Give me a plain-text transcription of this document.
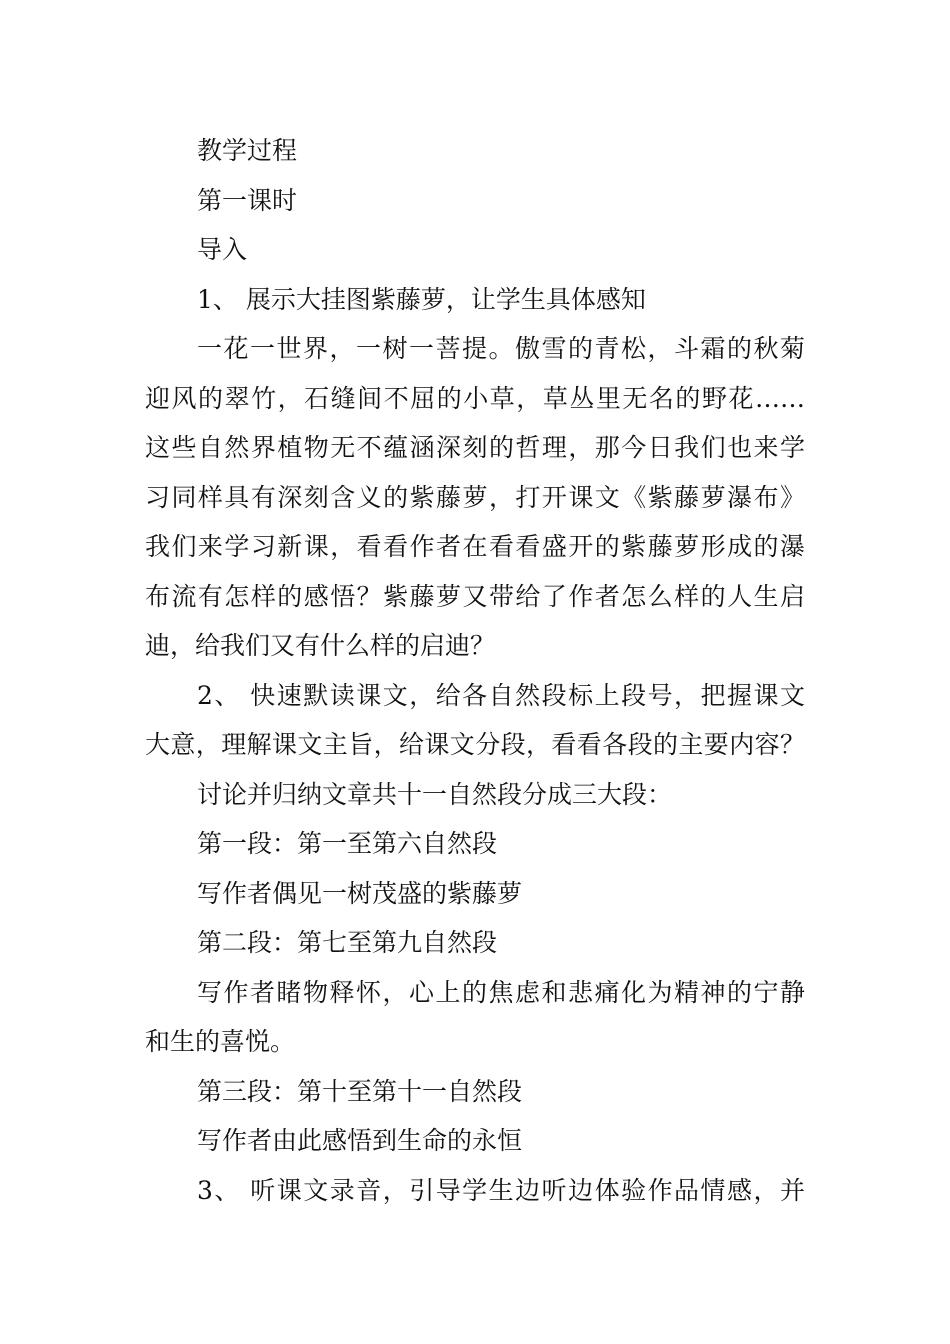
教学过程
第一课时
导入
1、 展示大挂图紫藤萝，让学生具体感知
一花一世界，一树一菩提。傲雪的青松，斗霜的秋菊
迎风的翠竹，石缝间不屈的小草，草丛里无名的野花……
这些自然界植物无不蕴涵深刻的哲理，那今日我们也来学
习同样具有深刻含义的紫藤萝，打开课文《紫藤萝瀑布》
我们来学习新课，看看作者在看看盛开的紫藤萝形成的瀑
布流有怎样的感悟？紫藤萝又带给了作者怎么样的人生启
迪，给我们又有什么样的启迪？
2、 快速默读课文，给各自然段标上段号，把握课文
大意，理解课文主旨，给课文分段，看看各段的主要内容？
讨论并归纳文章共十一自然段分成三大段：
第一段：第一至第六自然段
写作者偶见一树茂盛的紫藤萝
第二段：第七至第九自然段
写作者睹物释怀，心上的焦虑和悲痛化为精神的宁静
和生的喜悦。
第三段：第十至第十一自然段
写作者由此感悟到生命的永恒
3、 听课文录音，引导学生边听边体验作品情感，并
